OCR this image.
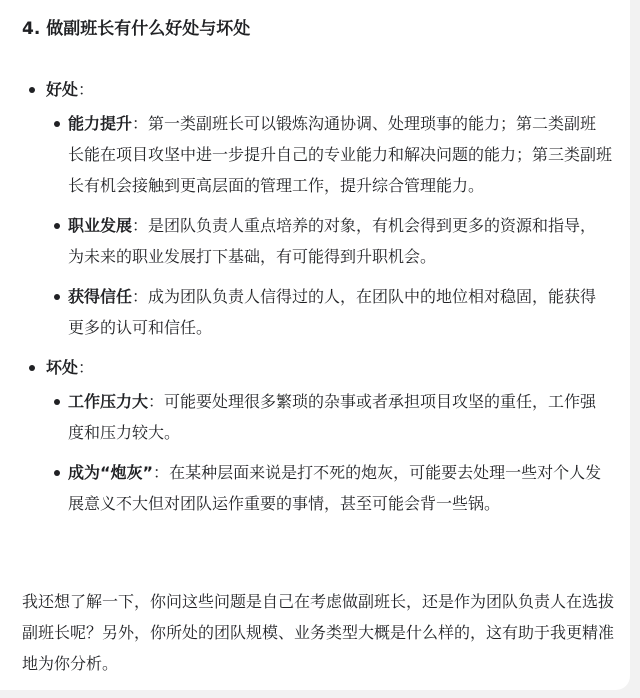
4. 做副班长有什么好处与坏处
好处：
能力提升：第一类副班长可以锻炼沟通协调、处理琐事的能力；第二类副班长能在项目攻坚中进一步提升自己的专业能力和解决问题的能力；第三类副班长有机会接触到更高层面的管理工作，提升综合管理能力。
职业发展：是团队负责人重点培养的对象，有机会得到更多的资源和指导，为未来的职业发展打下基础，有可能得到升职机会。
获得信任：成为团队负责人信得过的人，在团队中的地位相对稳固，能获得更多的认可和信任。
坏处：
工作压力大：可能要处理很多繁琐的杂事或者承担项目攻坚的重任，工作强度和压力较大。
成为“炮灰”：在某种层面来说是打不死的炮灰，可能要去处理一些对个人发展意义不大但对团队运作重要的事情，甚至可能会背一些锅。

我还想了解一下，你问这些问题是自己在考虑做副班长，还是作为团队负责人在选拔副班长呢？另外，你所处的团队规模、业务类型大概是什么样的，这有助于我更精准地为你分析。
